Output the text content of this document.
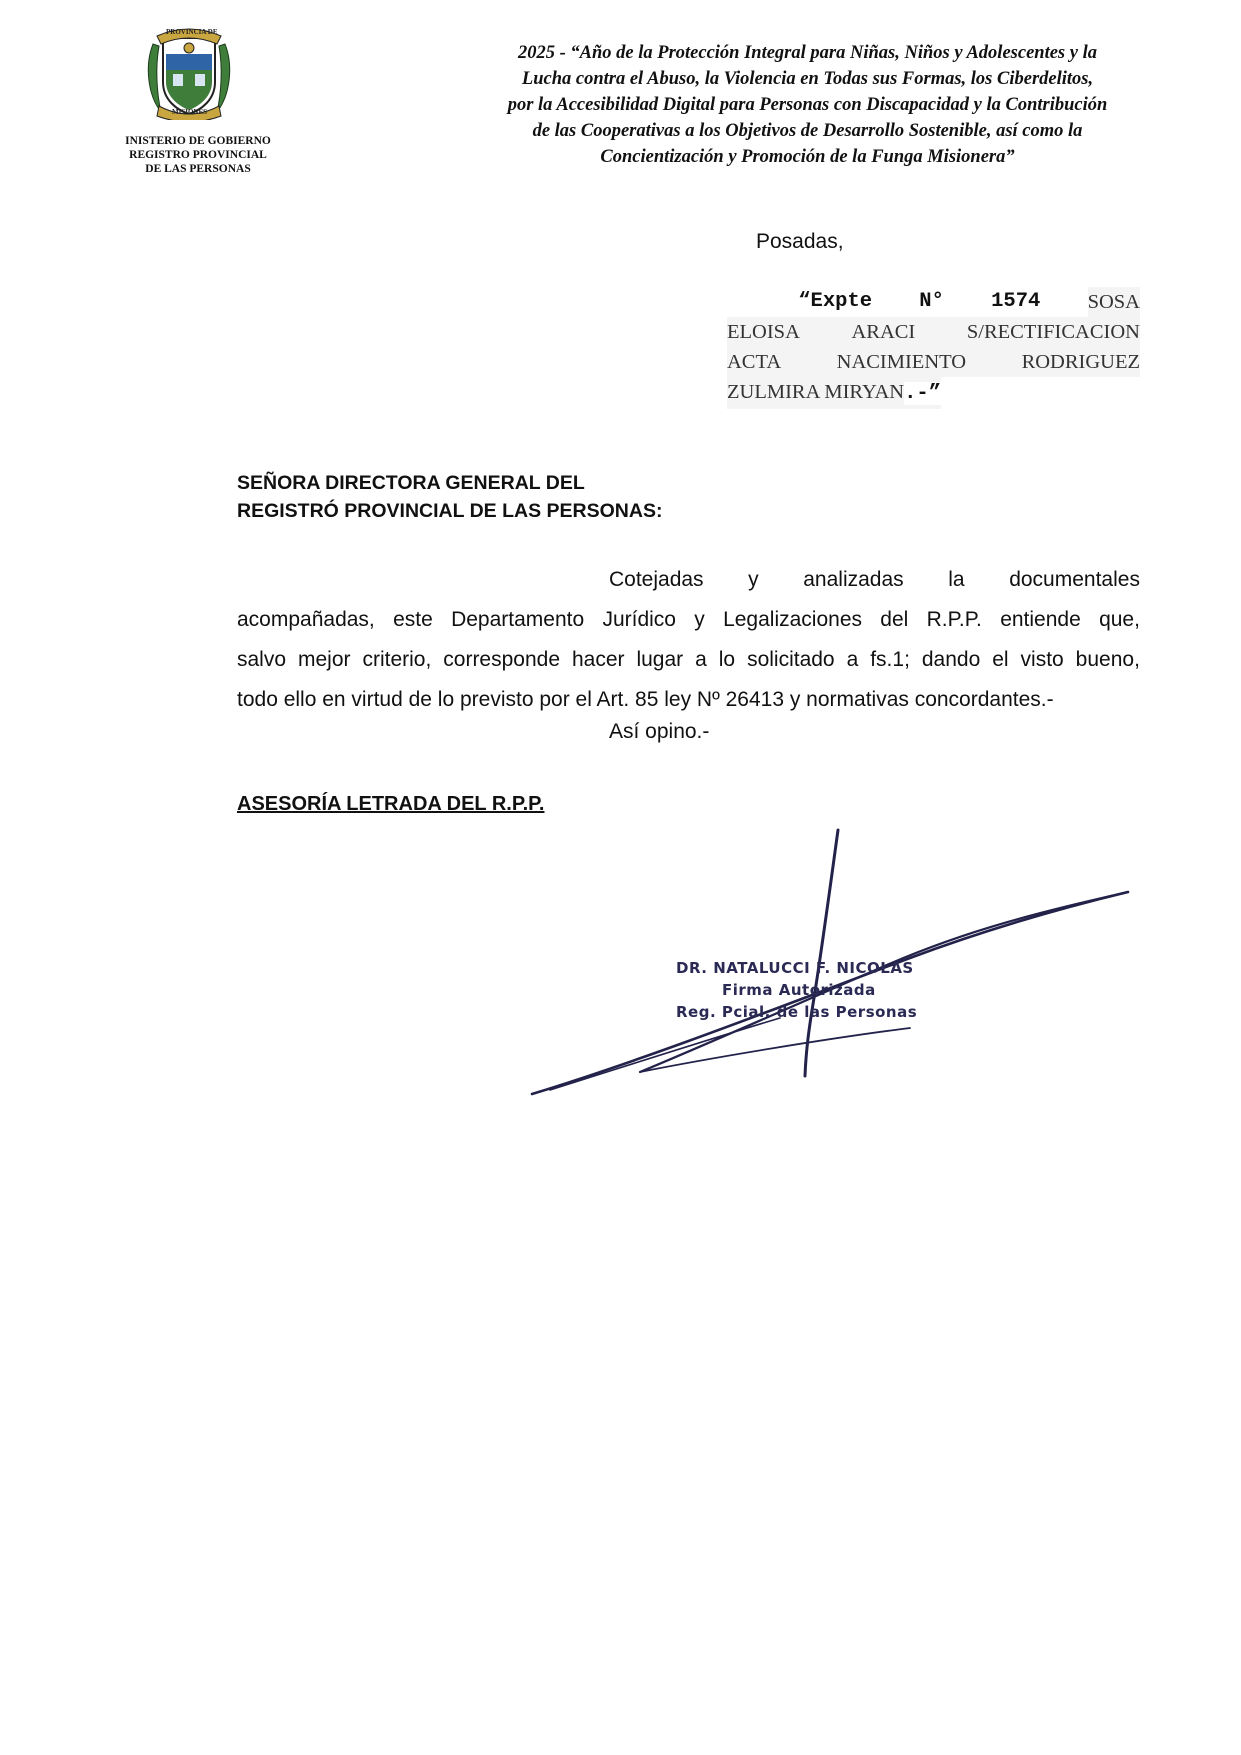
PROVINCIA DE
MISIONES
INISTERIO DE GOBIERNO
REGISTRO PROVINCIAL
DE LAS PERSONAS
2025 - “Año de la Protección Integral para Niñas, Niños y Adolescentes y la
Lucha contra el Abuso, la Violencia en Todas sus Formas, los Ciberdelitos,
por la Accesibilidad Digital para Personas con Discapacidad y la Contribución
de las Cooperativas a los Objetivos de Desarrollo Sostenible, así como la
Concientización y Promoción de la Funga Misionera”
Posadas,
“Expte N° 1574 SOSA
ELOISA	ARACI	S/RECTIFICACION
ACTA	NACIMIENTO	RODRIGUEZ
ZULMIRA MIRYAN.-”
SEÑORA DIRECTORA GENERAL DEL
REGISTRÓ PROVINCIAL DE LAS PERSONAS:
Cotejadas y analizadas la documentales
acompañadas, este Departamento Jurídico y Legalizaciones del R.P.P. entiende que,
salvo mejor criterio, corresponde hacer lugar a lo solicitado a fs.1; dando el visto bueno,
todo ello en virtud de lo previsto por el Art. 85 ley Nº 26413 y normativas concordantes.-
Así opino.-
ASESORÍA LETRADA DEL R.P.P.
DR. NATALUCCI F. NICOLAS
Firma Autorizada
Reg. Pcial. de las Personas
